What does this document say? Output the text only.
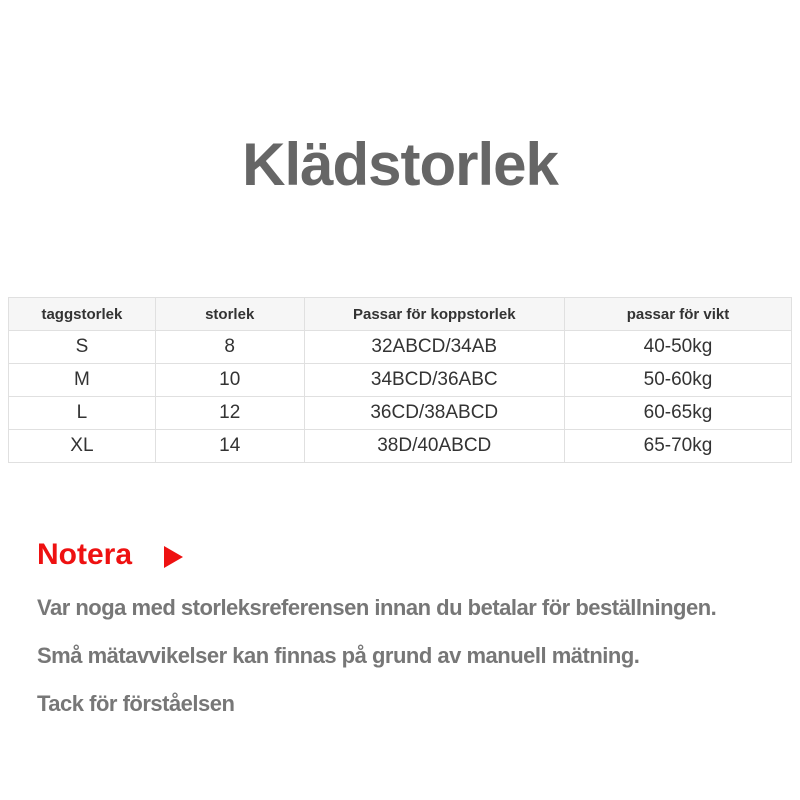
Klädstorlek
taggstorlek	storlek	Passar för koppstorlek	passar för vikt
S	8	32ABCD/34AB	40-50kg
M	10	34BCD/36ABC	50-60kg
L	12	36CD/38ABCD	60-65kg
XL	14	38D/40ABCD	65-70kg
Notera

Var noga med storleksreferensen innan du betalar för beställningen.

Små mätavvikelser kan finnas på grund av manuell mätning.

Tack för förståelsen
